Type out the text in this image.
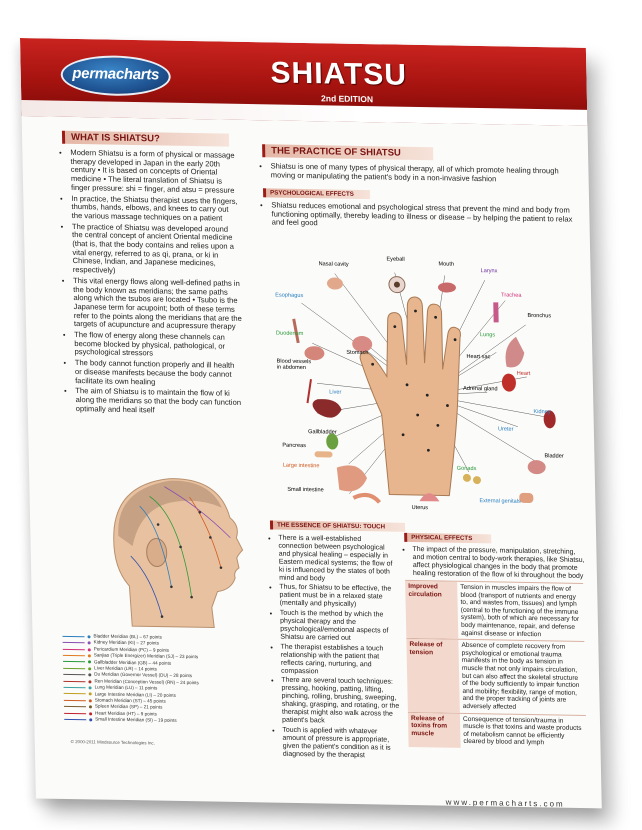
permacharts	SHIATSU
2nd EDITION
WHAT IS SHIATSU?
• Modern Shiatsu is a form of physical or massage therapy developed in Japan in the early 20th century • It is based on concepts of Oriental medicine • The literal translation of Shiatsu is finger pressure: shi = finger, and atsu = pressure
• In practice, the Shiatsu therapist uses the fingers, thumbs, hands, elbows, and knees to carry out the various massage techniques on a patient
• The practice of Shiatsu was developed around the central concept of ancient Oriental medicine (that is, that the body contains and relies upon a vital energy, referred to as qi, prana, or ki in Chinese, Indian, and Japanese medicines, respectively)
• This vital energy flows along well-defined paths in the body known as meridians; the same paths along which the tsubos are located • Tsubo is the Japanese term for acupoint; both of these terms refer to the points along the meridians that are the targets of acupuncture and acupressure therapy
• The flow of energy along these channels can become blocked by physical, pathological, or psychological stressors
• The body cannot function properly and ill health or disease manifests because the body cannot facilitate its own healing
• The aim of Shiatsu is to maintain the flow of ki along the meridians so that the body can function optimally and heal itself
Bladder Meridian (BL) – 67 points
Kidney Meridian (KI) – 27 points
Pericardium Meridian (PC) – 9 points
Sanjiao (Triple Energizer) Meridian (SJ) – 23 points
Gallbladder Meridian (GB) – 44 points
Liver Meridian (LR) – 14 points
Du Meridian (Governor Vessel) (DU) – 28 points
Ren Meridian (Conception Vessel) (RN) – 24 points
Lung Meridian (LU) – 11 points
Large Intestine Meridian (LI) – 20 points
Stomach Meridian (ST) – 45 points
Spleen Meridian (SP) – 21 points
Heart Meridian (HT) – 9 points
Small Intestine Meridian (SI) – 19 points
© 2000-2011 Mindsource Technologies Inc.
THE PRACTICE OF SHIATSU
• Shiatsu is one of many types of physical therapy, all of which promote healing through moving or manipulating the patient's body in a non-invasive fashion
PSYCHOLOGICAL EFFECTS
• Shiatsu reduces emotional and psychological stress that prevent the mind and body from functioning optimally, thereby leading to illness or disease – by helping the patient to relax and feel good
Nasal cavity
Eyeball
Mouth
Larynx
Trachea
Bronchus
Esophagus
Lungs
Duodenum
Stomach
Heart sac
Heart
Blood vessels in abdomen
Adrenal gland
Liver
Kidney
Ureter
Gallbladder
Pancreas
Bladder
Large intestine	Gonads
Small intestine
External genitals
Uterus
THE ESSENCE OF SHIATSU: TOUCH
• There is a well-established connection between psychological and physical healing – especially in Eastern medical systems; the flow of ki is influenced by the states of both mind and body
• Thus, for Shiatsu to be effective, the patient must be in a relaxed state (mentally and physically)
• Touch is the method by which the physical therapy and the psychological/emotional aspects of Shiatsu are carried out
• The therapist establishes a touch relationship with the patient that reflects caring, nurturing, and compassion
• There are several touch techniques: pressing, hooking, patting, lifting, pinching, rolling, brushing, sweeping, shaking, grasping, and rotating, or the therapist might also walk across the patient's back
• Touch is applied with whatever amount of pressure is appropriate, given the patient's condition as it is diagnosed by the therapist
PHYSICAL EFFECTS
• The impact of the pressure, manipulation, stretching, and motion central to body-work therapies, like Shiatsu, affect physiological changes in the body that promote healing restoration of the flow of ki throughout the body
Improved circulation
Tension in muscles impairs the flow of blood (transport of nutrients and energy to, and wastes from, tissues) and lymph (central to the functioning of the immune system), both of which are necessary for body maintenance, repair, and defense against disease or infection
Release of tension
Absence of complete recovery from psychological or emotional trauma manifests in the body as tension in muscle that not only impairs circulation, but can also affect the skeletal structure of the body sufficiently to impair function and mobility; flexibility, range of motion, and the proper tracking of joints are adversely affected
Release of toxins from muscle
Consequence of tension/trauma in muscle is that toxins and waste products of metabolism cannot be efficiently cleared by blood and lymph
www.permacharts.com
